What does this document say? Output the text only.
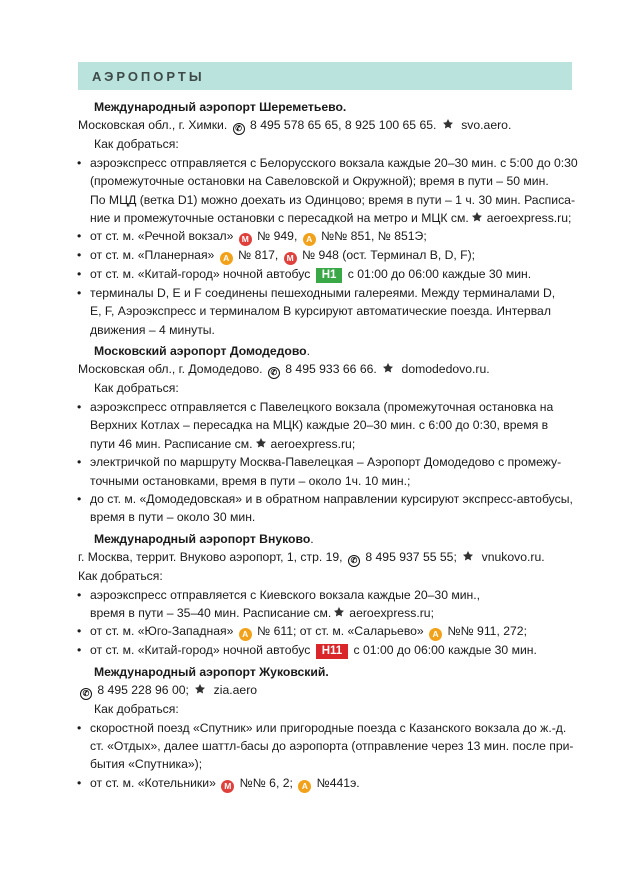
АЭРОПОРТЫ
Международный аэропорт Шереметьево.
Московская обл., г. Химки. ✆ 8 495 578 65 65, 8 925 100 65 65. svo.aero.
Как добраться:
• аэроэкспресс отправляется с Белорусского вокзала каждые 20–30 мин. с 5:00 до 0:30
(промежуточные остановки на Савеловской и Окружной); время в пути – 50 мин.
По МЦД (ветка D1) можно доехать из Одинцово; время в пути – 1 ч. 30 мин. Расписа-
ние и промежуточные остановки с пересадкой на метро и МЦК см. aeroexpress.ru;
• от ст. м. «Речной вокзал» М № 949, А №№ 851, № 851Э;
• от ст. м. «Планерная» А № 817, М № 948 (ост. Терминал B, D, F);
• от ст. м. «Китай-город» ночной автобус Н1 с 01:00 до 06:00 каждые 30 мин.
• терминалы D, E и F соединены пешеходными галереями. Между терминалами D,
E, F, Аэроэкспресс и терминалом B курсируют автоматические поезда. Интервал
движения – 4 минуты.
Московский аэропорт Домодедово.
Московская обл., г. Домодедово. ✆ 8 495 933 66 66. domodedovo.ru.
Как добраться:
• аэроэкспресс отправляется с Павелецкого вокзала (промежуточная остановка на
Верхних Котлах – пересадка на МЦК) каждые 20–30 мин. с 6:00 до 0:30, время в
пути 46 мин. Расписание см. aeroexpress.ru;
• электричкой по маршруту Москва-Павелецкая – Аэропорт Домодедово с промежу-
точными остановками, время в пути – около 1ч. 10 мин.;
• до ст. м. «Домодедовская» и в обратном направлении курсируют экспресс-автобусы,
время в пути – около 30 мин.
Международный аэропорт Внуково.
г. Москва, террит. Внуково аэропорт, 1, стр. 19, ✆ 8 495 937 55 55; vnukovo.ru.
Как добраться:
• аэроэкспресс отправляется с Киевского вокзала каждые 20–30 мин.,
время в пути – 35–40 мин. Расписание см. aeroexpress.ru;
• от ст. м. «Юго-Западная» А № 611; от ст. м. «Саларьево» А №№ 911, 272;
• от ст. м. «Китай-город» ночной автобус Н11 с 01:00 до 06:00 каждые 30 мин.
Международный аэропорт Жуковский.
✆ 8 495 228 96 00; zia.aero
Как добраться:
• скоростной поезд «Спутник» или пригородные поезда с Казанского вокзала до ж.-д.
ст. «Отдых», далее шаттл-басы до аэропорта (отправление через 13 мин. после при-
бытия «Спутника»);
• от ст. м. «Котельники» М №№ 6, 2; А №441э.
